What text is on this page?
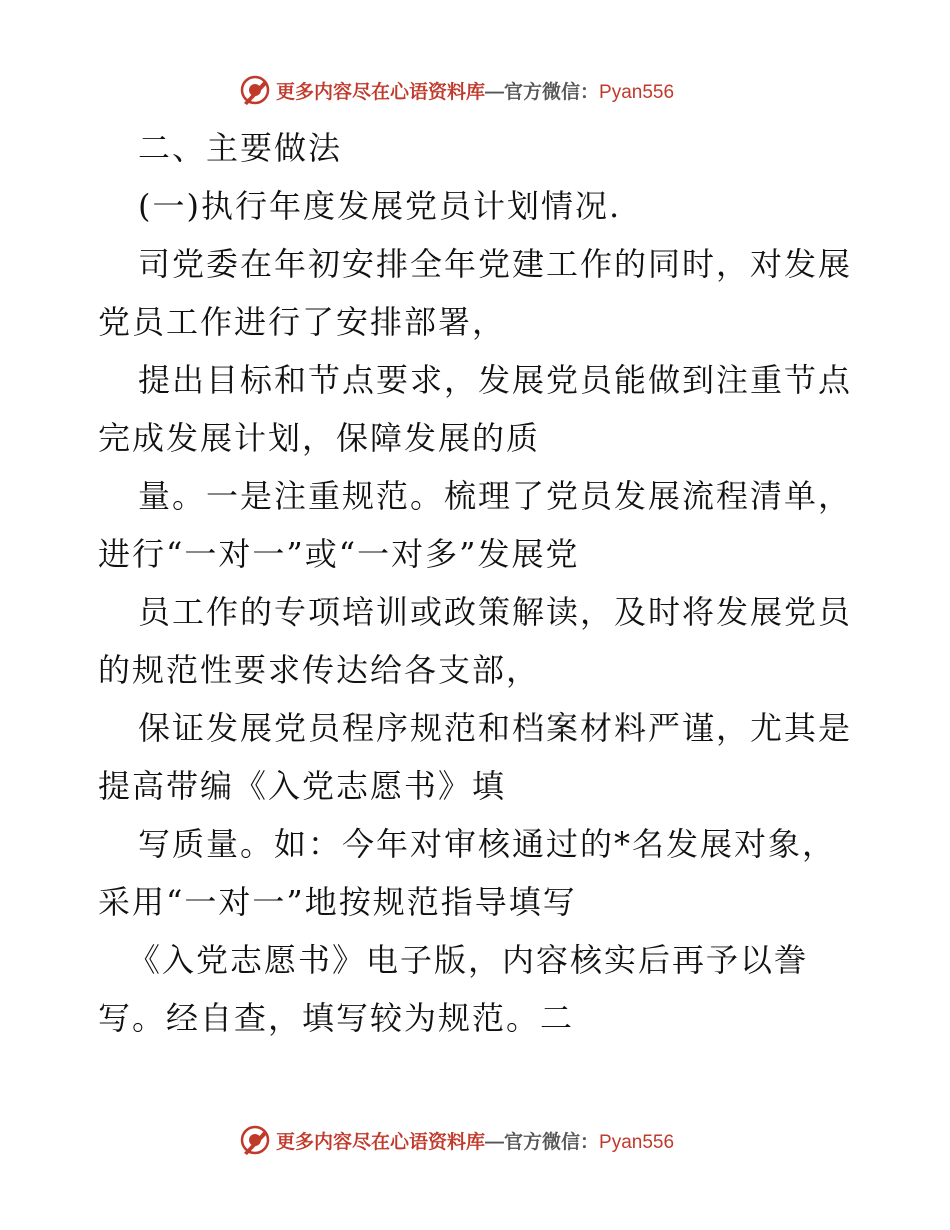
更多内容尽在心语资料库—官方微信：Pyan556
二、主要做法
(一)执行年度发展党员计划情况.
司党委在年初安排全年党建工作的同时，对发展
党员工作进行了安排部署，
提出目标和节点要求，发展党员能做到注重节点
完成发展计划，保障发展的质
量。一是注重规范。梳理了党员发展流程清单，
进行“一对一”或“一对多”发展党
员工作的专项培训或政策解读，及时将发展党员
的规范性要求传达给各支部，
保证发展党员程序规范和档案材料严谨，尤其是
提高带编《入党志愿书》填
写质量。如：今年对审核通过的*名发展对象，
采用“一对一”地按规范指导填写
《入党志愿书》电子版，内容核实后再予以誊
写。经自查，填写较为规范。二
更多内容尽在心语资料库—官方微信：Pyan556
